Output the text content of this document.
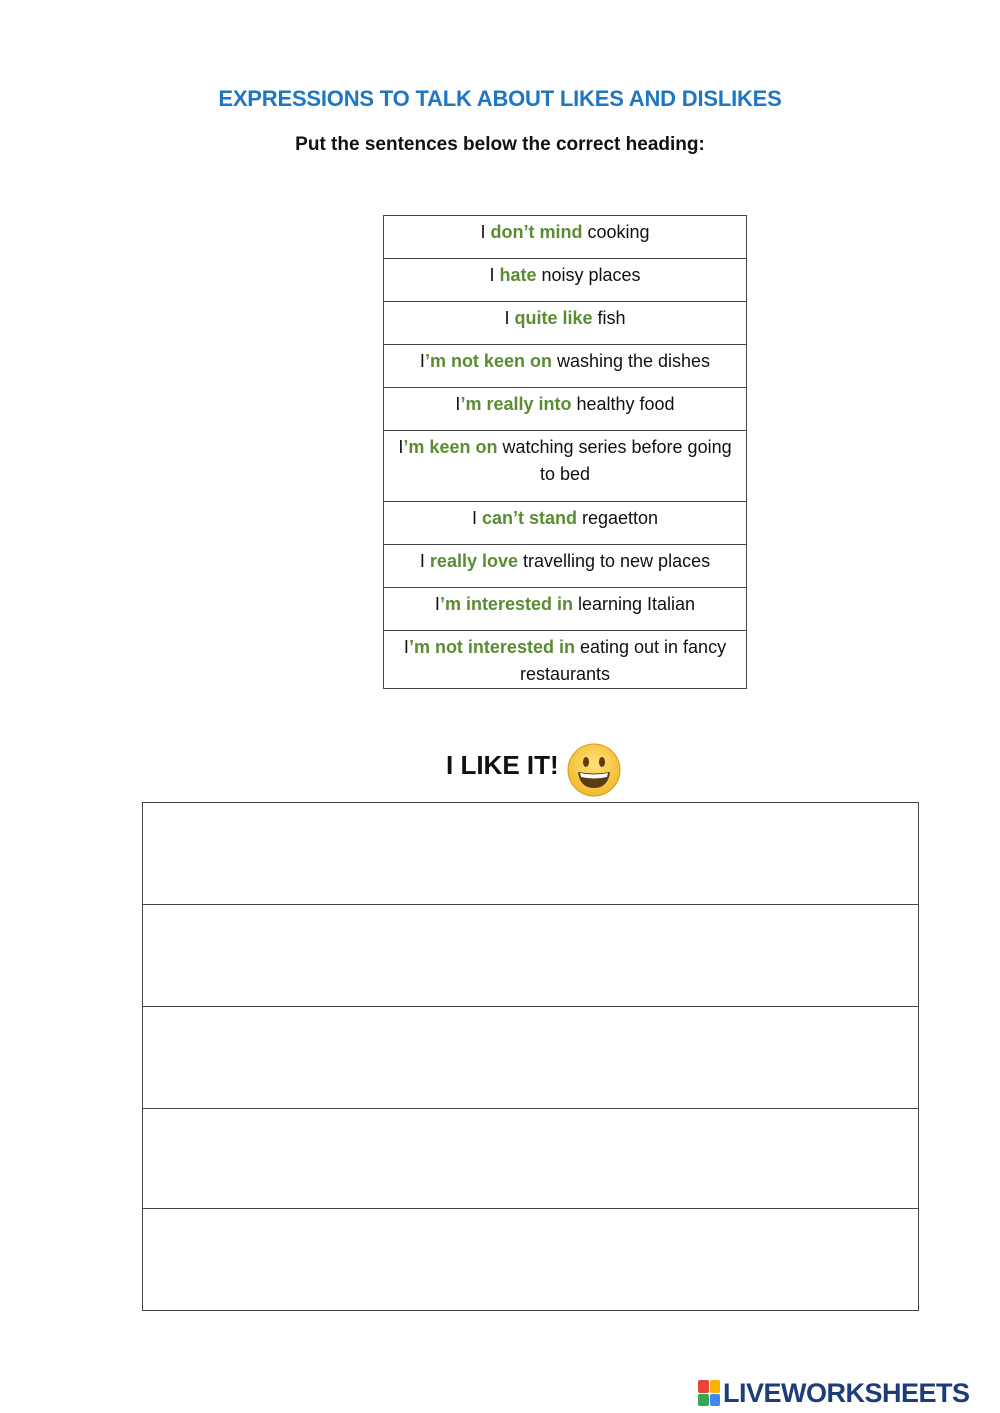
EXPRESSIONS TO TALK ABOUT LIKES AND DISLIKES
Put the sentences below the correct heading:
I don’t mind cooking
I hate noisy places
I quite like fish
I’m not keen on washing the dishes
I’m really into healthy food
I’m keen on watching series before going to bed
I can’t stand regaetton
I really love travelling to new places
I’m interested in learning Italian
I’m not interested in eating out in fancy restaurants
I LIKE IT!

LIVEWORKSHEETS
